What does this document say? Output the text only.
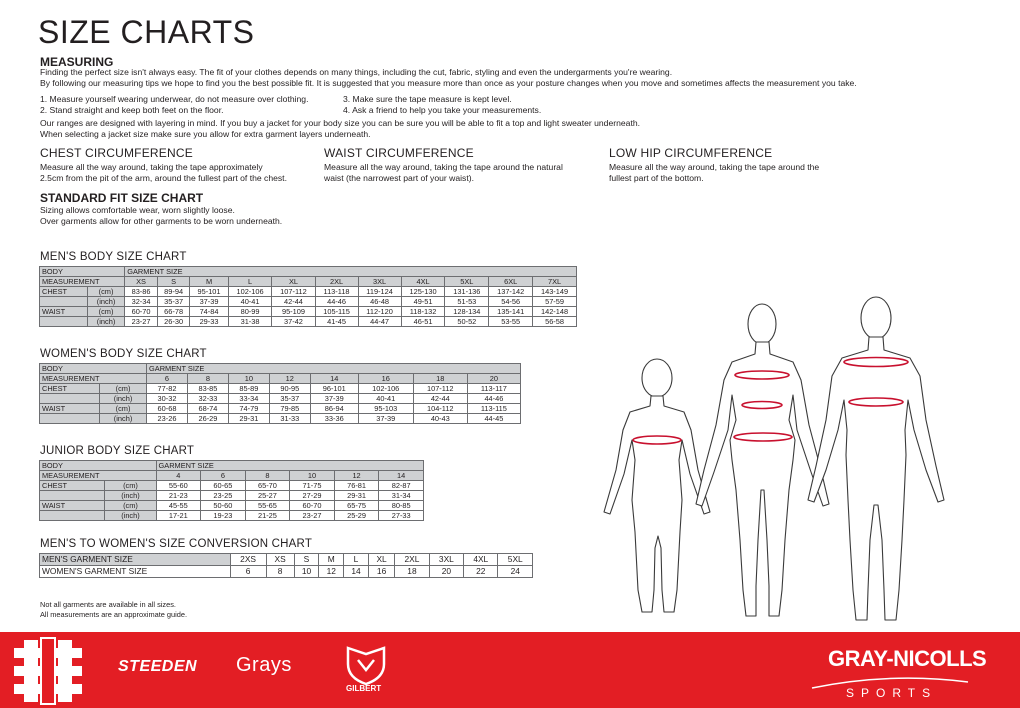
SIZE CHARTS
MEASURING
Finding the perfect size isn't always easy. The fit of your clothes depends on many things, including the cut, fabric, styling and even the undergarments you're wearing.
By following our measuring tips we hope to find you the best possible fit. It is suggested that you measure more than once as your posture changes when you move and sometimes affects the measurement you take.
1. Measure yourself wearing underwear, do not measure over clothing.
2. Stand straight and keep both feet on the floor.
3. Make sure the tape measure is kept level.
4. Ask a friend to help you take your measurements.
Our ranges are designed with layering in mind. If you buy a jacket for your body size you can be sure you will be able to fit a top and light sweater underneath.
When selecting a jacket size make sure you allow for extra garment layers underneath.
CHEST CIRCUMFERENCE
Measure all the way around, taking the tape approximately
2.5cm from the pit of the arm, around the fullest part of the chest.
WAIST CIRCUMFERENCE
Measure all the way around, taking the tape around the natural
waist (the narrowest part of your waist).
LOW HIP CIRCUMFERENCE
Measure all the way around, taking the tape around the
fullest part of the bottom.
STANDARD FIT SIZE CHART
Sizing allows comfortable wear, worn slightly loose.
Over garments allow for other garments to be worn underneath.
MEN'S BODY SIZE CHART
BODY		GARMENT SIZE										
MEASUREMENT		XS	S	M	L	XL	2XL	3XL	4XL	5XL	6XL	7XL
CHEST	(cm)	83-86	89-94	95-101	102-106	107-112	113-118	119-124	125-130	131-136	137-142	143-149
	(inch)	32-34	35-37	37-39	40-41	42-44	44-46	46-48	49-51	51-53	54-56	57-59
WAIST	(cm)	60-70	66-78	74-84	80-99	95-109	105-115	112-120	118-132	128-134	135-141	142-148
	(inch)	23-27	26-30	29-33	31-38	37-42	41-45	44-47	46-51	50-52	53-55	56-58
WOMEN'S BODY SIZE CHART
BODY		GARMENT SIZE							
MEASUREMENT		6	8	10	12	14	16	18	20
CHEST	(cm)	77-82	83-85	85-89	90-95	96-101	102-106	107-112	113-117
	(inch)	30-32	32-33	33-34	35-37	37-39	40-41	42-44	44-46
WAIST	(cm)	60-68	68-74	74-79	79-85	86-94	95-103	104-112	113-115
	(inch)	23-26	26-29	29-31	31-33	33-36	37-39	40-43	44-45
JUNIOR BODY SIZE CHART
BODY		GARMENT SIZE					
MEASUREMENT		4	6	8	10	12	14
CHEST	(cm)	55-60	60-65	65-70	71-75	76-81	82-87
	(inch)	21-23	23-25	25-27	27-29	29-31	31-34
WAIST	(cm)	45-55	50-60	55-65	60-70	65-75	80-85
	(inch)	17-21	19-23	21-25	23-27	25-29	27-33
MEN'S TO WOMEN'S SIZE CONVERSION CHART
MEN'S GARMENT SIZE	2XS	XS	S	M	L	XL	2XL	3XL	4XL	5XL
WOMEN'S GARMENT SIZE	6	8	10	12	14	16	18	20	22	24
Not all garments are available in all sizes.
All measurements are an approximate guide.
STEEDEN Grays
GILBERT
GRAY-NICOLLS
SPORTS
